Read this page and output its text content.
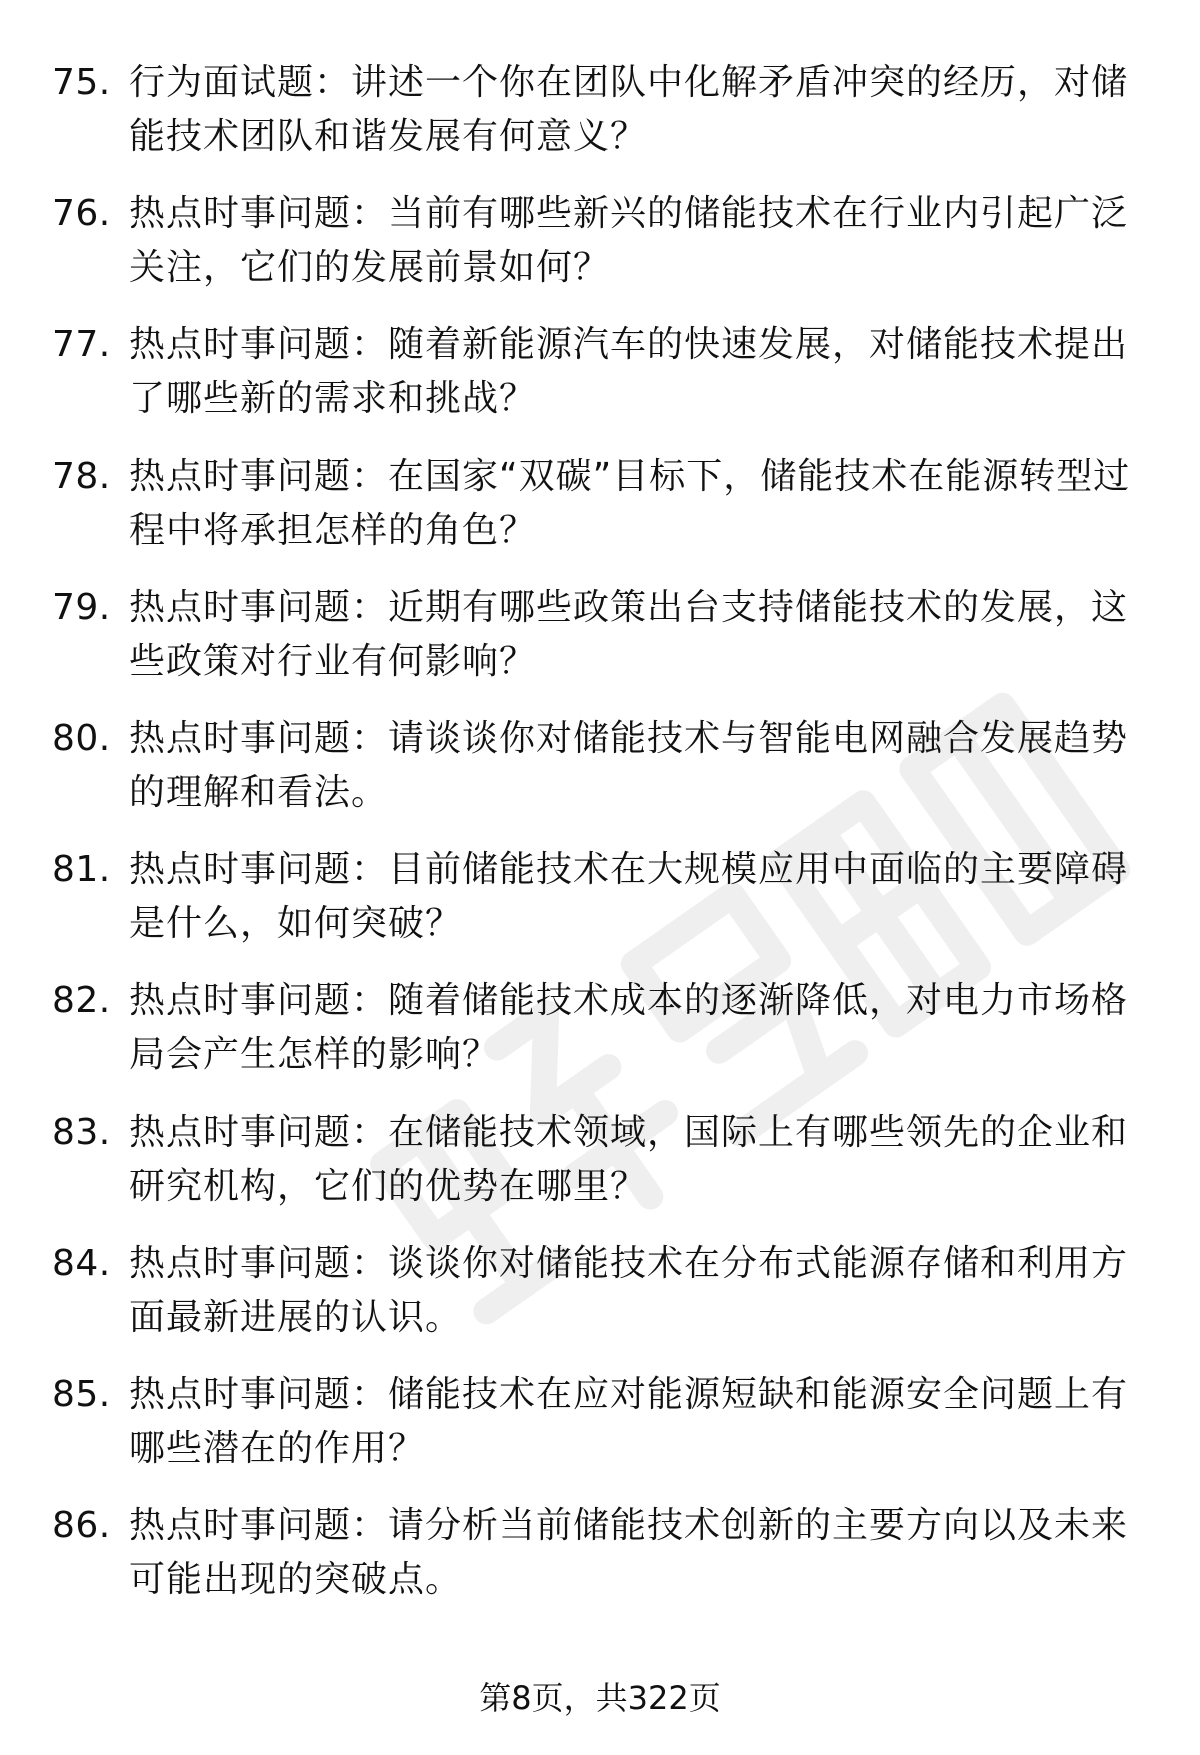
75. 行为面试题：讲述一个你在团队中化解矛盾冲突的经历，对储能技术团队和谐发展有何意义？
76. 热点时事问题：当前有哪些新兴的储能技术在行业内引起广泛关注，它们的发展前景如何？
77. 热点时事问题：随着新能源汽车的快速发展，对储能技术提出了哪些新的需求和挑战？
78. 热点时事问题：在国家“双碳”目标下，储能技术在能源转型过程中将承担怎样的角色？
79. 热点时事问题：近期有哪些政策出台支持储能技术的发展，这些政策对行业有何影响？
80. 热点时事问题：请谈谈你对储能技术与智能电网融合发展趋势的理解和看法。
81. 热点时事问题：目前储能技术在大规模应用中面临的主要障碍是什么，如何突破？
82. 热点时事问题：随着储能技术成本的逐渐降低，对电力市场格局会产生怎样的影响？
83. 热点时事问题：在储能技术领域，国际上有哪些领先的企业和研究机构，它们的优势在哪里？
84. 热点时事问题：谈谈你对储能技术在分布式能源存储和利用方面最新进展的认识。
85. 热点时事问题：储能技术在应对能源短缺和能源安全问题上有哪些潜在的作用？
86. 热点时事问题：请分析当前储能技术创新的主要方向以及未来可能出现的突破点。
第8页，共322页
